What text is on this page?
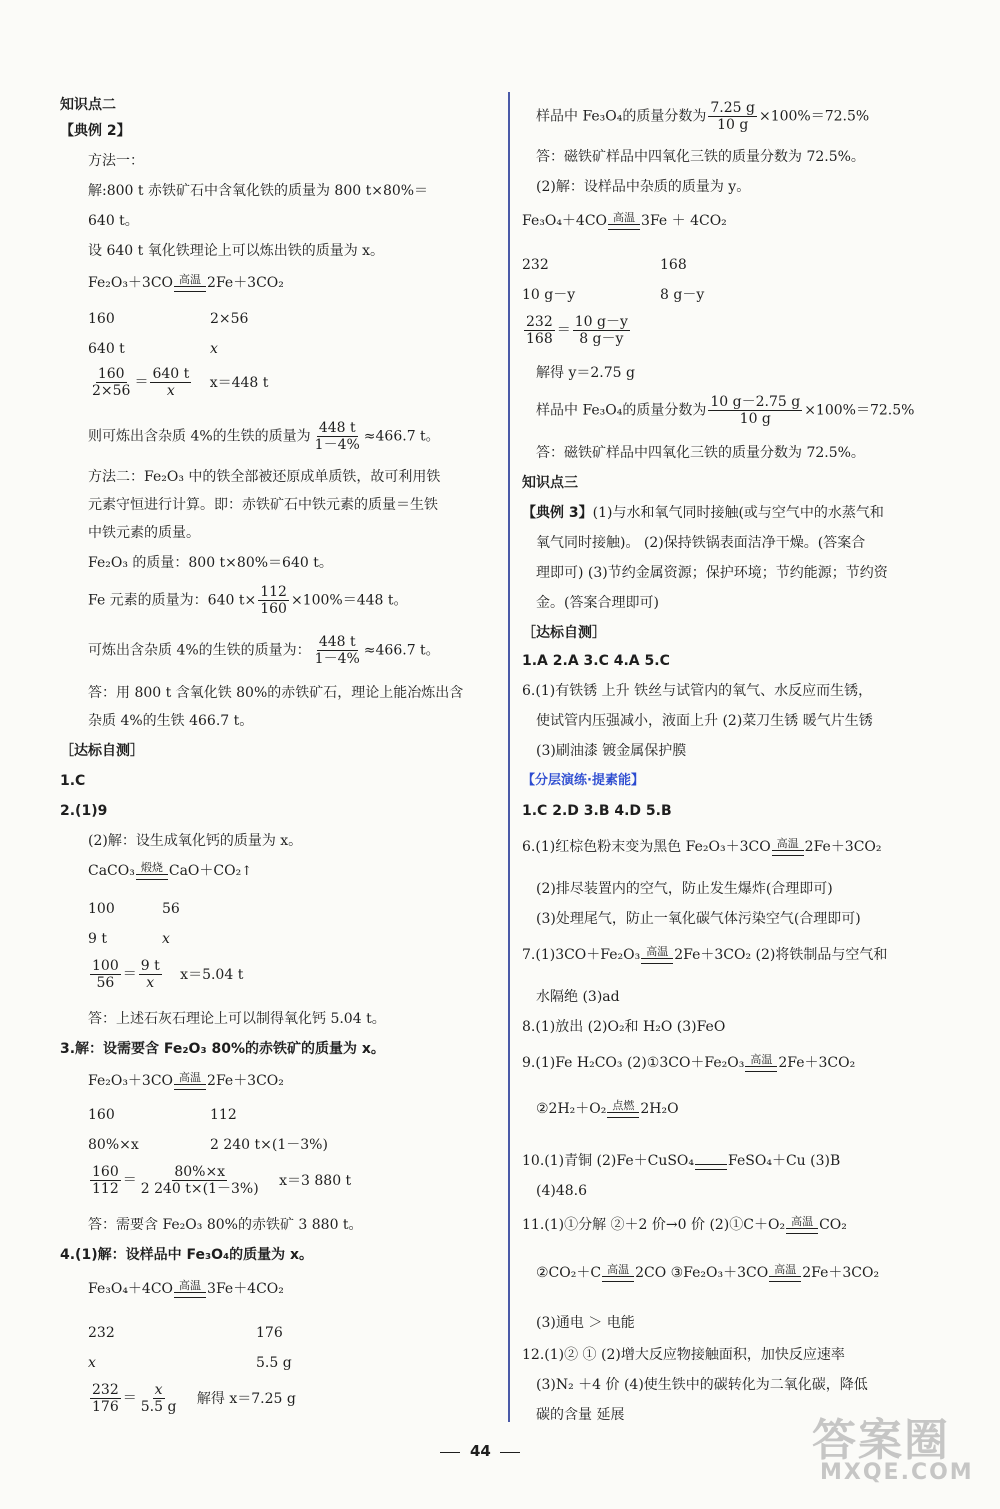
知识点二
【典例 2】
方法一：
解:800 t 赤铁矿石中含氧化铁的质量为 800 t×80%＝
640 t。
设 640 t 氧化铁理论上可以炼出铁的质量为 x。
Fe₂O₃＋3CO 高温 2Fe＋3CO₂
160	2×56
640 t	x
$\frac{160}{2\times 56} = \frac{640 t}{x} x=448$ t
则可炼出含杂质 4%的生铁的质量为 $\frac{448 t}{1-4\%} \approx 466.7$ t。
方法二：Fe₂O₃ 中的铁全部被还原成单质铁，故可利用铁
元素守恒进行计算。即：赤铁矿石中铁元素的质量＝生铁
中铁元素的质量。
Fe₂O₃ 的质量：800 t×80%＝640 t。
Fe 元素的质量为：640 $t\times \frac{112}{160} \times 100\%=448$ t。
可炼出含杂质 4%的生铁的质量为： $\frac{448 t}{1-4\%} \approx 466.7$ t。
答：用 800 t 含氧化铁 80%的赤铁矿石，理论上能冶炼出含
杂质 4%的生铁 466.7 t。
［达标自测］
1.C
2.(1)9
(2)解：设生成氧化钙的质量为 x。
CaCO₃ 煅烧 CaO＋CO₂↑
100	56
9 t	x
$\frac{100}{56} = \frac{9 t}{x} x=5.04$ t
答：上述石灰石理论上可以制得氧化钙 5.04 t。
3.解：设需要含 Fe₂O₃ 80%的赤铁矿的质量为 x。
Fe₂O₃＋3CO 高温 2Fe＋3CO₂
160	112
80%×x	2 240 t×(1－3%)
$\frac{160}{112} = \frac{80\%\times x}{2 240 t\times(1-3\%)} x=3$ 880 t
答：需要含 Fe₂O₃ 80%的赤铁矿 3 880 t。
4.(1)解：设样品中 Fe₃O₄的质量为 x。
Fe₃O₄＋4CO 高温 3Fe＋4CO₂
232	176
x	5.5 g
$\frac{232}{176} = \frac{x}{5.5 g}$ 解得 x＝7.25 g
样品中 Fe₃O₄的质量分数为 $\frac{7.25 g}{10 g} \times 100\%=72.5\%$
答：磁铁矿样品中四氧化三铁的质量分数为 72.5%。
(2)解：设样品中杂质的质量为 y。
Fe₃O₄＋4CO 高温 3Fe ＋ 4CO₂
232	168
10 g－y	8 g－y
$\frac{232}{168} = \frac{10 g-y}{8 g-y}$
解得 y＝2.75 g
样品中 Fe₃O₄的质量分数为 $\frac{10 g-2.75 g}{10 g} \times 100\%=72.5\%$
答：磁铁矿样品中四氧化三铁的质量分数为 72.5%。
知识点三
【典例 3】(1)与水和氧气同时接触(或与空气中的水蒸气和
氧气同时接触)。 (2)保持铁锅表面洁净干燥。(答案合
理即可) (3)节约金属资源；保护环境；节约能源；节约资
金。(答案合理即可)
［达标自测］
1.A 2.A 3.C 4.A 5.C
6.(1)有铁锈 上升 铁丝与试管内的氧气、水反应而生锈，
使试管内压强减小，液面上升 (2)菜刀生锈 暖气片生锈
(3)刷油漆 镀金属保护膜
【分层演练·提素能】
1.C 2.D 3.B 4.D 5.B
6.(1)红棕色粉末变为黑色 Fe₂O₃＋3CO 高温 2Fe＋3CO₂
(2)排尽装置内的空气，防止发生爆炸(合理即可)
(3)处理尾气，防止一氧化碳气体污染空气(合理即可)
7.(1)3CO＋Fe₂O₃ 高温 2Fe＋3CO₂ (2)将铁制品与空气和
水隔绝 (3)ad
8.(1)放出 (2)O₂和 H₂O (3)FeO
9.(1)Fe H₂CO₃ (2)①3CO＋Fe₂O₃ 高温 2Fe＋3CO₂
②2H₂＋O₂ 点燃 2H₂O
10.(1)青铜 (2)Fe＋CuSO₄
FeSO₄＋Cu (3)B
(4)48.6
11.(1)①分解 ②＋2 价→0 价 (2)①C＋O₂ 高温 CO₂
②CO₂＋C 高温 2CO ③Fe₂O₃＋3CO 高温 2Fe＋3CO₂
(3)通电 ＞ 电能
12.(1)② ① (2)增大反应物接触面积，加快反应速率
(3)N₂ ＋4 价 (4)使生铁中的碳转化为二氧化碳，降低
碳的含量 延展
44	答案圈
MXQE.COM
